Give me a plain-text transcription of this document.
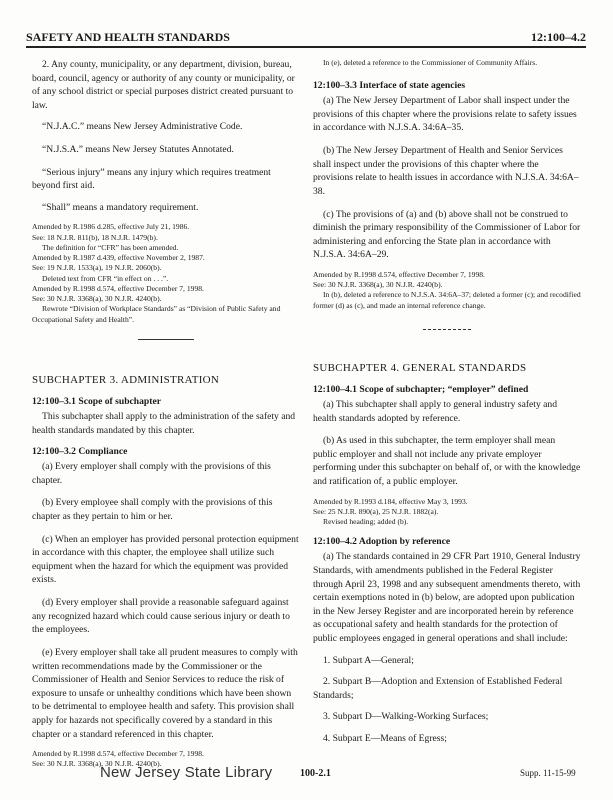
SAFETY AND HEALTH STANDARDS	12:100–4.2

2. Any county, municipality, or any department, division, bureau, board, council, agency or authority of any county or municipality, or of any school district or special purposes district created pursuant to law.

“N.J.A.C.” means New Jersey Administrative Code.

“N.J.S.A.” means New Jersey Statutes Annotated.

“Serious injury” means any injury which requires treatment beyond first aid.

“Shall” means a mandatory requirement.

Amended by R.1986 d.285, effective July 21, 1986.

See: 18 N.J.R. 811(b), 18 N.J.R. 1479(b).

The definition for “CFR” has been amended.

Amended by R.1987 d.439, effective November 2, 1987.

See: 19 N.J.R. 1533(a), 19 N.J.R. 2060(b).

Deleted text from CFR “in effect on . . .”.

Amended by R.1998 d.574, effective December 7, 1998.

See: 30 N.J.R. 3368(a), 30 N.J.R. 4240(b).

Rewrote “Division of Workplace Standards” as “Division of Public Safety and Occupational Safety and Health”.

SUBCHAPTER 3. ADMINISTRATION

12:100–3.1 Scope of subchapter

This subchapter shall apply to the administration of the safety and health standards mandated by this chapter.

12:100–3.2 Compliance

(a) Every employer shall comply with the provisions of this chapter.

(b) Every employee shall comply with the provisions of this chapter as they pertain to him or her.

(c) When an employer has provided personal protection equipment in accordance with this chapter, the employee shall utilize such equipment when the hazard for which the equipment was provided exists.

(d) Every employer shall provide a reasonable safeguard against any recognized hazard which could cause serious injury or death to the employees.

(e) Every employer shall take all prudent measures to comply with written recommendations made by the Commissioner or the Commissioner of Health and Senior Services to reduce the risk of exposure to unsafe or unhealthy conditions which have been shown to be detrimental to employee health and safety. This provision shall apply for hazards not specifically covered by a standard in this chapter or a standard referenced in this chapter.

Amended by R.1998 d.574, effective December 7, 1998.

See: 30 N.J.R. 3368(a), 30 N.J.R. 4240(b).

In (e), deleted a reference to the Commissioner of Community Affairs.

12:100–3.3 Interface of state agencies

(a) The New Jersey Department of Labor shall inspect under the provisions of this chapter where the provisions relate to safety issues in accordance with N.J.S.A. 34:6A–35.

(b) The New Jersey Department of Health and Senior Services shall inspect under the provisions of this chapter where the provisions relate to health issues in accordance with N.J.S.A. 34:6A–38.

(c) The provisions of (a) and (b) above shall not be construed to diminish the primary responsibility of the Commissioner of Labor for administering and enforcing the State plan in accordance with N.J.S.A. 34:6A–29.

Amended by R.1998 d.574, effective December 7, 1998.

See: 30 N.J.R. 3368(a), 30 N.J.R. 4240(b).

In (b), deleted a reference to N.J.S.A. 34:6A–37; deleted a former (c); and recodified former (d) as (c), and made an internal reference change.

SUBCHAPTER 4. GENERAL STANDARDS

12:100–4.1 Scope of subchapter; “employer” defined

(a) This subchapter shall apply to general industry safety and health standards adopted by reference.

(b) As used in this subchapter, the term employer shall mean public employer and shall not include any private employer performing under this subchapter on behalf of, or with the knowledge and ratification of, a public employer.

Amended by R.1993 d.184, effective May 3, 1993.

See: 25 N.J.R. 890(a), 25 N.J.R. 1882(a).

Revised heading; added (b).

12:100–4.2 Adoption by reference

(a) The standards contained in 29 CFR Part 1910, General Industry Standards, with amendments published in the Federal Register through April 23, 1998 and any subsequent amendments thereto, with certain exemptions noted in (b) below, are adopted upon publication in the New Jersey Register and are incorporated herein by reference as occupational safety and health standards for the protection of public employees engaged in general operations and shall include:

1. Subpart A—General;

2. Subpart B—Adoption and Extension of Established Federal Standards;

3. Subpart D—Walking-Working Surfaces;

4. Subpart E—Means of Egress;

New Jersey State Library	100-2.1	Supp. 11-15-99
